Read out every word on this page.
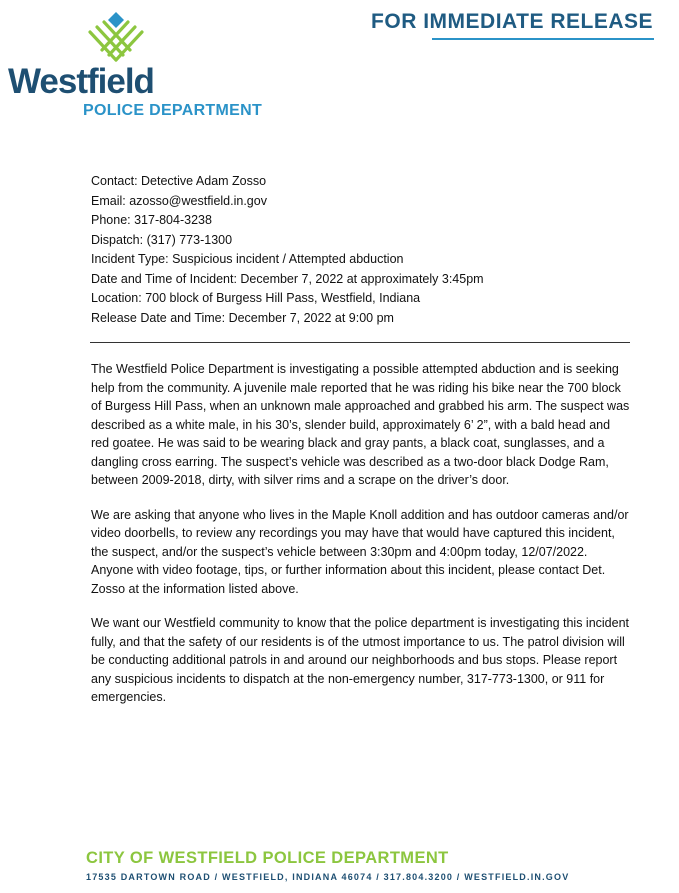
Westfield
POLICE DEPARTMENT
FOR IMMEDIATE RELEASE
Contact: Detective Adam Zosso
Email: azosso@westfield.in.gov
Phone: 317-804-3238
Dispatch: (317) 773-1300
Incident Type: Suspicious incident / Attempted abduction
Date and Time of Incident: December 7, 2022 at approximately 3:45pm
Location: 700 block of Burgess Hill Pass, Westfield, Indiana
Release Date and Time: December 7, 2022 at 9:00 pm

The Westfield Police Department is investigating a possible attempted abduction and is seeking help from the community. A juvenile male reported that he was riding his bike near the 700 block of Burgess Hill Pass, when an unknown male approached and grabbed his arm. The suspect was described as a white male, in his 30’s, slender build, approximately 6’ 2”, with a bald head and red goatee. He was said to be wearing black and gray pants, a black coat, sunglasses, and a dangling cross earring. The suspect’s vehicle was described as a two-door black Dodge Ram, between 2009-2018, dirty, with silver rims and a scrape on the driver’s door.

We are asking that anyone who lives in the Maple Knoll addition and has outdoor cameras and/or video doorbells, to review any recordings you may have that would have captured this incident, the suspect, and/or the suspect’s vehicle between 3:30pm and 4:00pm today, 12/07/2022. Anyone with video footage, tips, or further information about this incident, please contact Det. Zosso at the information listed above.

We want our Westfield community to know that the police department is investigating this incident fully, and that the safety of our residents is of the utmost importance to us. The patrol division will be conducting additional patrols in and around our neighborhoods and bus stops. Please report any suspicious incidents to dispatch at the non-emergency number, 317-773-1300, or 911 for emergencies.

CITY OF WESTFIELD POLICE DEPARTMENT
17535 DARTOWN ROAD / WESTFIELD, INDIANA 46074 / 317.804.3200 / WESTFIELD.IN.GOV
